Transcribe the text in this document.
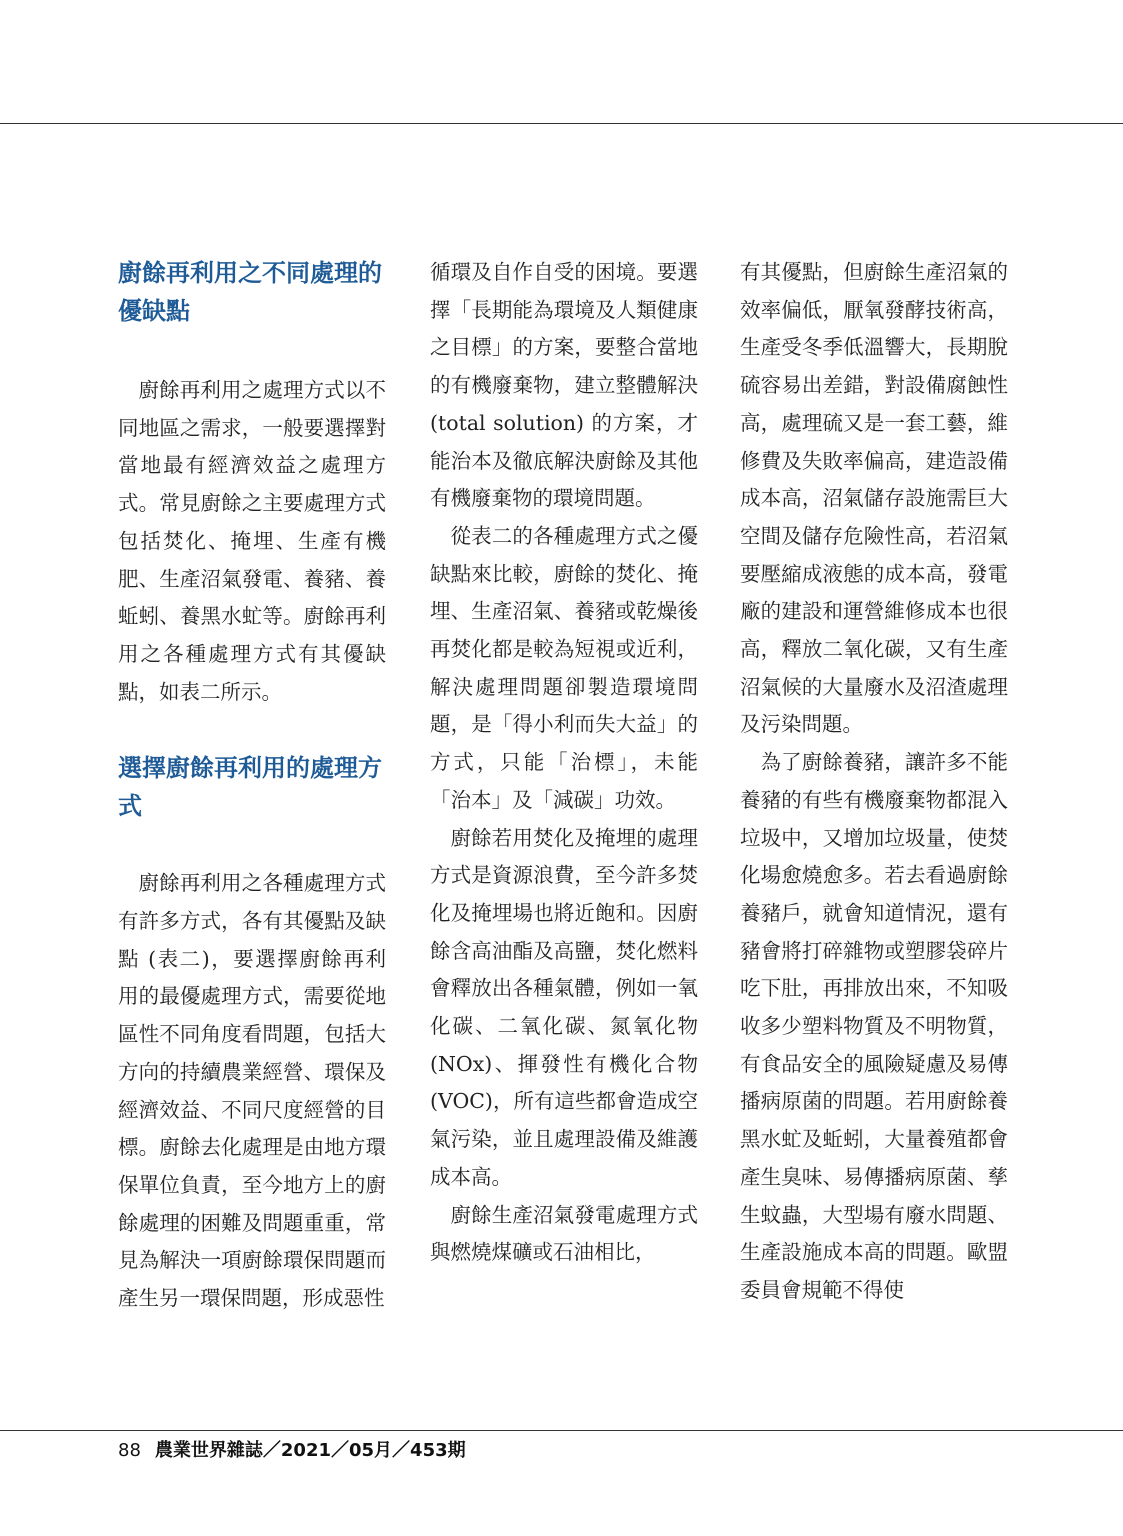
廚餘再利用之不同處理的優缺點

廚餘再利用之處理方式以不同地區之需求，一般要選擇對當地最有經濟效益之處理方式。常見廚餘之主要處理方式包括焚化、掩埋、生產有機肥、生產沼氣發電、養豬、養蚯蚓、養黑水虻等。廚餘再利用之各種處理方式有其優缺點，如表二所示。

選擇廚餘再利用的處理方式

廚餘再利用之各種處理方式有許多方式，各有其優點及缺點 (表二)，要選擇廚餘再利用的最優處理方式，需要從地區性不同角度看問題，包括大方向的持續農業經營、環保及經濟效益、不同尺度經營的目標。廚餘去化處理是由地方環保單位負責，至今地方上的廚餘處理的困難及問題重重，常見為解決一項廚餘環保問題而產生另一環保問題，形成惡性

循環及自作自受的困境。要選擇「長期能為環境及人類健康之目標」的方案，要整合當地的有機廢棄物，建立整體解決 (total solution) 的方案，才能治本及徹底解決廚餘及其他有機廢棄物的環境問題。

從表二的各種處理方式之優缺點來比較，廚餘的焚化、掩埋、生產沼氣、養豬或乾燥後再焚化都是較為短視或近利，解決處理問題卻製造環境問題，是「得小利而失大益」的方式，只能「治標」，未能「治本」及「減碳」功效。

廚餘若用焚化及掩埋的處理方式是資源浪費，至今許多焚化及掩埋場也將近飽和。因廚餘含高油酯及高鹽，焚化燃料會釋放出各種氣體，例如一氧化碳、二氧化碳、氮氧化物 (NOx)、揮發性有機化合物 (VOC)，所有這些都會造成空氣污染，並且處理設備及維護成本高。

廚餘生產沼氣發電處理方式與燃燒煤礦或石油相比，

有其優點，但廚餘生產沼氣的效率偏低，厭氧發酵技術高，生產受冬季低溫響大，長期脫硫容易出差錯，對設備腐蝕性高，處理硫又是一套工藝，維修費及失敗率偏高，建造設備成本高，沼氣儲存設施需巨大空間及儲存危險性高，若沼氣要壓縮成液態的成本高，發電廠的建設和運營維修成本也很高，釋放二氧化碳，又有生產沼氣候的大量廢水及沼渣處理及污染問題。

為了廚餘養豬，讓許多不能養豬的有些有機廢棄物都混入垃圾中，又增加垃圾量，使焚化場愈燒愈多。若去看過廚餘養豬戶，就會知道情況，還有豬會將打碎雜物或塑膠袋碎片吃下肚，再排放出來，不知吸收多少塑料物質及不明物質，有食品安全的風險疑慮及易傳播病原菌的問題。若用廚餘養黑水虻及蚯蚓，大量養殖都會產生臭味、易傳播病原菌、孳生蚊蟲，大型場有廢水問題、生產設施成本高的問題。歐盟委員會規範不得使

88 農業世界雜誌／2021／05月／453期
